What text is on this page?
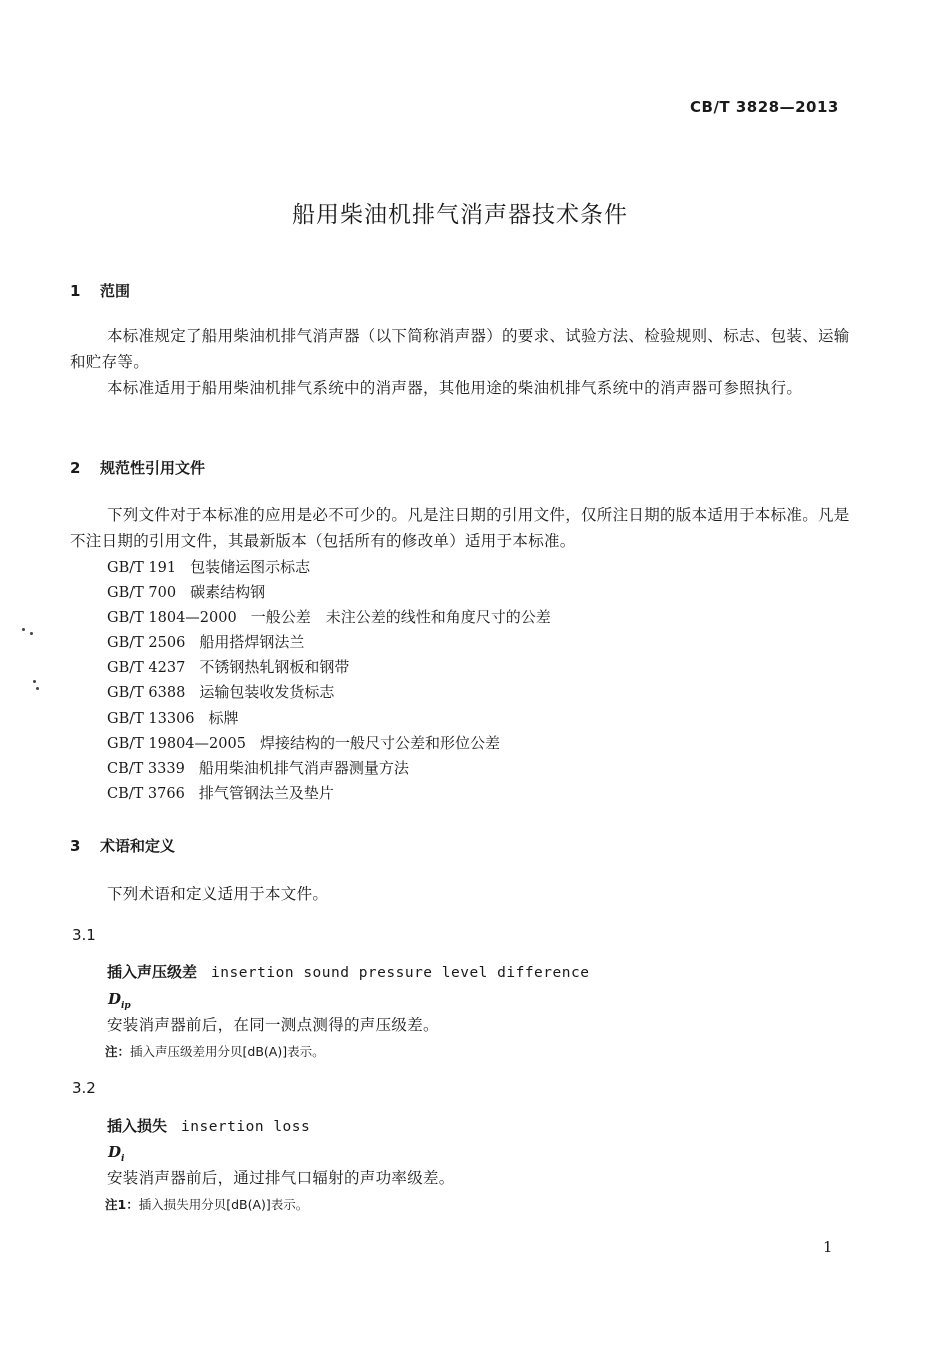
CB/T 3828—2013
船用柴油机排气消声器技术条件
1 范围
本标准规定了船用柴油机排气消声器（以下简称消声器）的要求、试验方法、检验规则、标志、包装、运输和贮存等。
本标准适用于船用柴油机排气系统中的消声器，其他用途的柴油机排气系统中的消声器可参照执行。
2 规范性引用文件
下列文件对于本标准的应用是必不可少的。凡是注日期的引用文件，仅所注日期的版本适用于本标准。凡是不注日期的引用文件，其最新版本（包括所有的修改单）适用于本标准。
GB/T 191 包装储运图示标志
GB/T 700 碳素结构钢
GB/T 1804—2000 一般公差　未注公差的线性和角度尺寸的公差
GB/T 2506 船用搭焊钢法兰
GB/T 4237 不锈钢热轧钢板和钢带
GB/T 6388 运输包装收发货标志
GB/T 13306 标牌
GB/T 19804—2005 焊接结构的一般尺寸公差和形位公差
CB/T 3339 船用柴油机排气消声器测量方法
CB/T 3766 排气管钢法兰及垫片
3 术语和定义
下列术语和定义适用于本文件。
3.1
插入声压级差 insertion sound pressure level difference
$D_{ip}$
安装消声器前后，在同一测点测得的声压级差。
注：插入声压级差用分贝[dB(A)]表示。
3.2
插入损失 insertion loss
$D_i$
安装消声器前后，通过排气口辐射的声功率级差。
注1：插入损失用分贝[dB(A)]表示。
1
